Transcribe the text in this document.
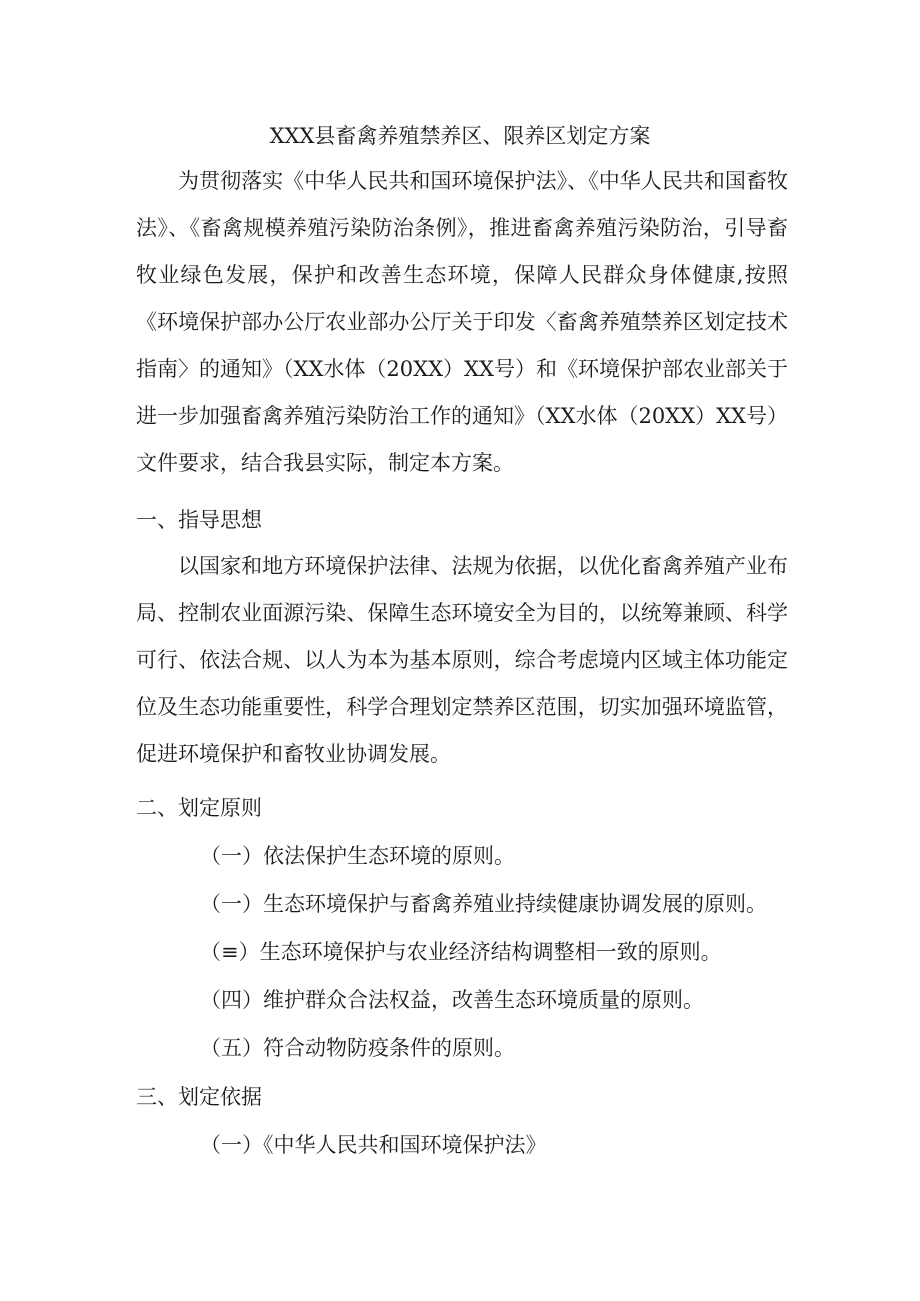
XXX县畜禽养殖禁养区、限养区划定方案

为贯彻落实《中华人民共和国环境保护法》、《中华人民共和国畜牧法》、《畜禽规模养殖污染防治条例》，推进畜禽养殖污染防治，引导畜牧业绿色发展，保护和改善生态环境，保障人民群众身体健康,按照《环境保护部办公厅农业部办公厅关于印发〈畜禽养殖禁养区划定技术指南〉的通知》（XX水体（20XX）XX号）和《环境保护部农业部关于进一步加强畜禽养殖污染防治工作的通知》（XX水体（20XX）XX号）文件要求，结合我县实际，制定本方案。

一、指导思想

以国家和地方环境保护法律、法规为依据，以优化畜禽养殖产业布局、控制农业面源污染、保障生态环境安全为目的，以统筹兼顾、科学可行、依法合规、以人为本为基本原则，综合考虑境内区域主体功能定位及生态功能重要性，科学合理划定禁养区范围，切实加强环境监管，促进环境保护和畜牧业协调发展。

二、划定原则
（一）依法保护生态环境的原则。
（一）生态环境保护与畜禽养殖业持续健康协调发展的原则。
（≡）生态环境保护与农业经济结构调整相一致的原则。
（四）维护群众合法权益，改善生态环境质量的原则。
（五）符合动物防疫条件的原则。
三、划定依据
（一）《中华人民共和国环境保护法》
